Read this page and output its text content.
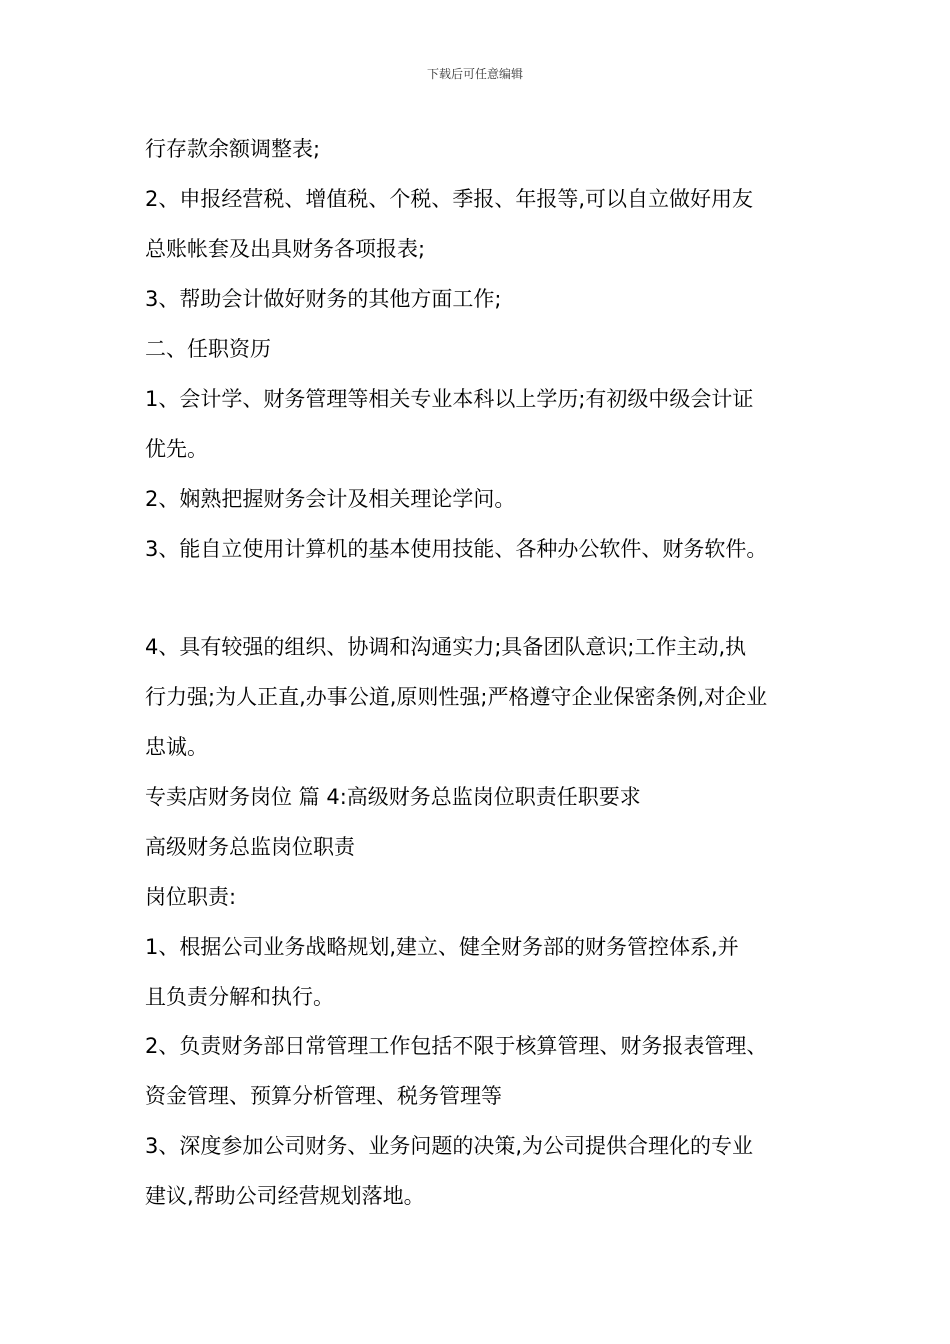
下载后可任意编辑
行存款余额调整表;
2、申报经营税、增值税、个税、季报、年报等,可以自立做好用友
总账帐套及出具财务各项报表;
3、帮助会计做好财务的其他方面工作;
二、任职资历
1、会计学、财务管理等相关专业本科以上学历;有初级中级会计证
优先。
2、娴熟把握财务会计及相关理论学问。
3、能自立使用计算机的基本使用技能、各种办公软件、财务软件。
4、具有较强的组织、协调和沟通实力;具备团队意识;工作主动,执
行力强;为人正直,办事公道,原则性强;严格遵守企业保密条例,对企业
忠诚。
专卖店财务岗位 篇 4:高级财务总监岗位职责任职要求
高级财务总监岗位职责
岗位职责:
1、根据公司业务战略规划,建立、健全财务部的财务管控体系,并
且负责分解和执行。
2、负责财务部日常管理工作包括不限于核算管理、财务报表管理、
资金管理、预算分析管理、税务管理等
3、深度参加公司财务、业务问题的决策,为公司提供合理化的专业
建议,帮助公司经营规划落地。
